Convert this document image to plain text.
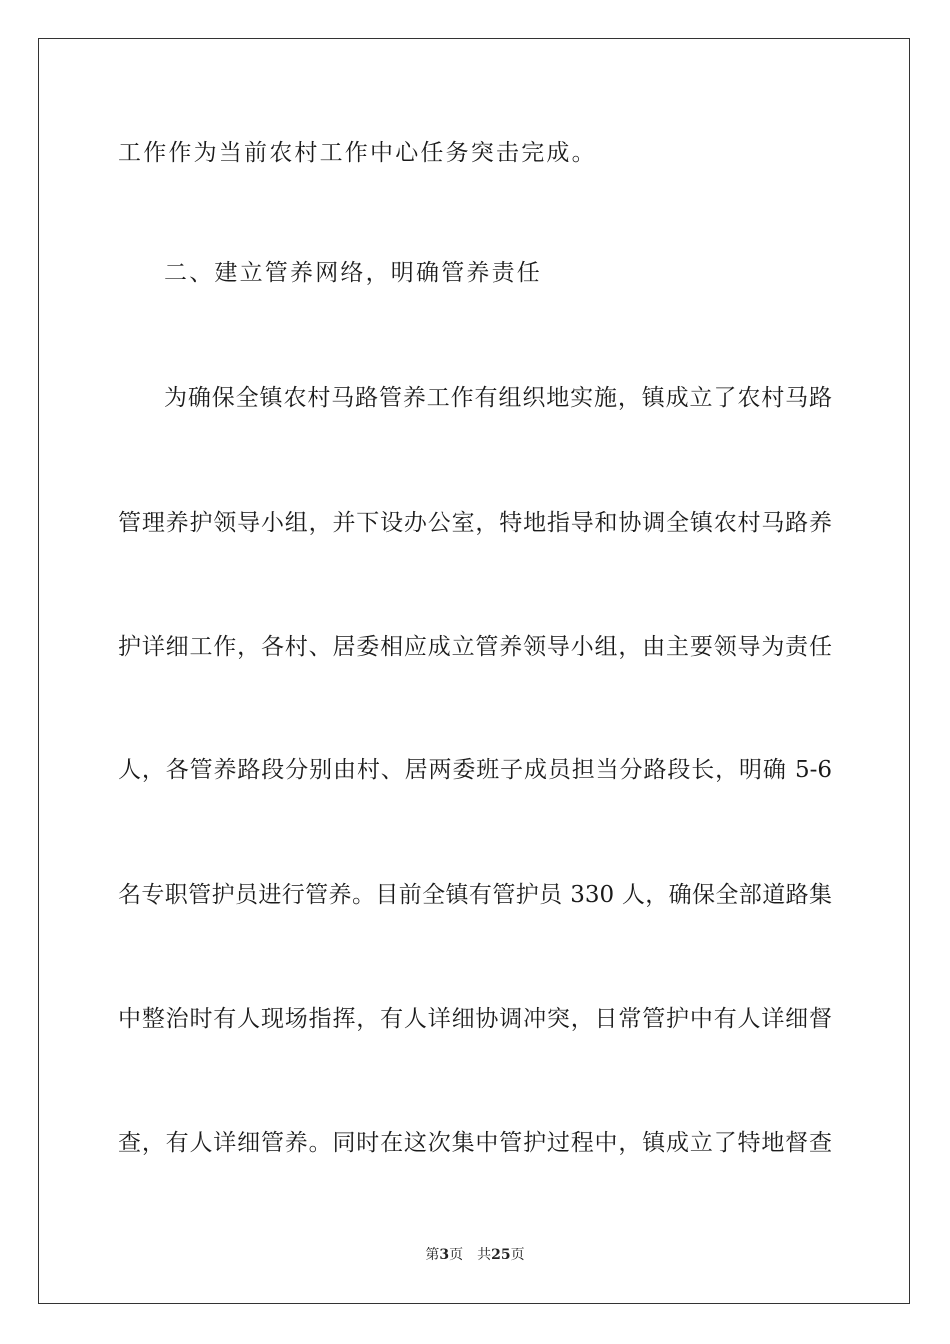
工作作为当前农村工作中心任务突击完成。
二、建立管养网络，明确管养责任
为确保全镇农村马路管养工作有组织地实施，镇成立了农村马路
管理养护领导小组，并下设办公室，特地指导和协调全镇农村马路养
护详细工作，各村、居委相应成立管养领导小组，由主要领导为责任
人，各管养路段分别由村、居两委班子成员担当分路段长，明确 5-6
名专职管护员进行管养。目前全镇有管护员 330 人，确保全部道路集
中整治时有人现场指挥，有人详细协调冲突，日常管护中有人详细督
查，有人详细管养。同时在这次集中管护过程中，镇成立了特地督查
第3页 共25页
